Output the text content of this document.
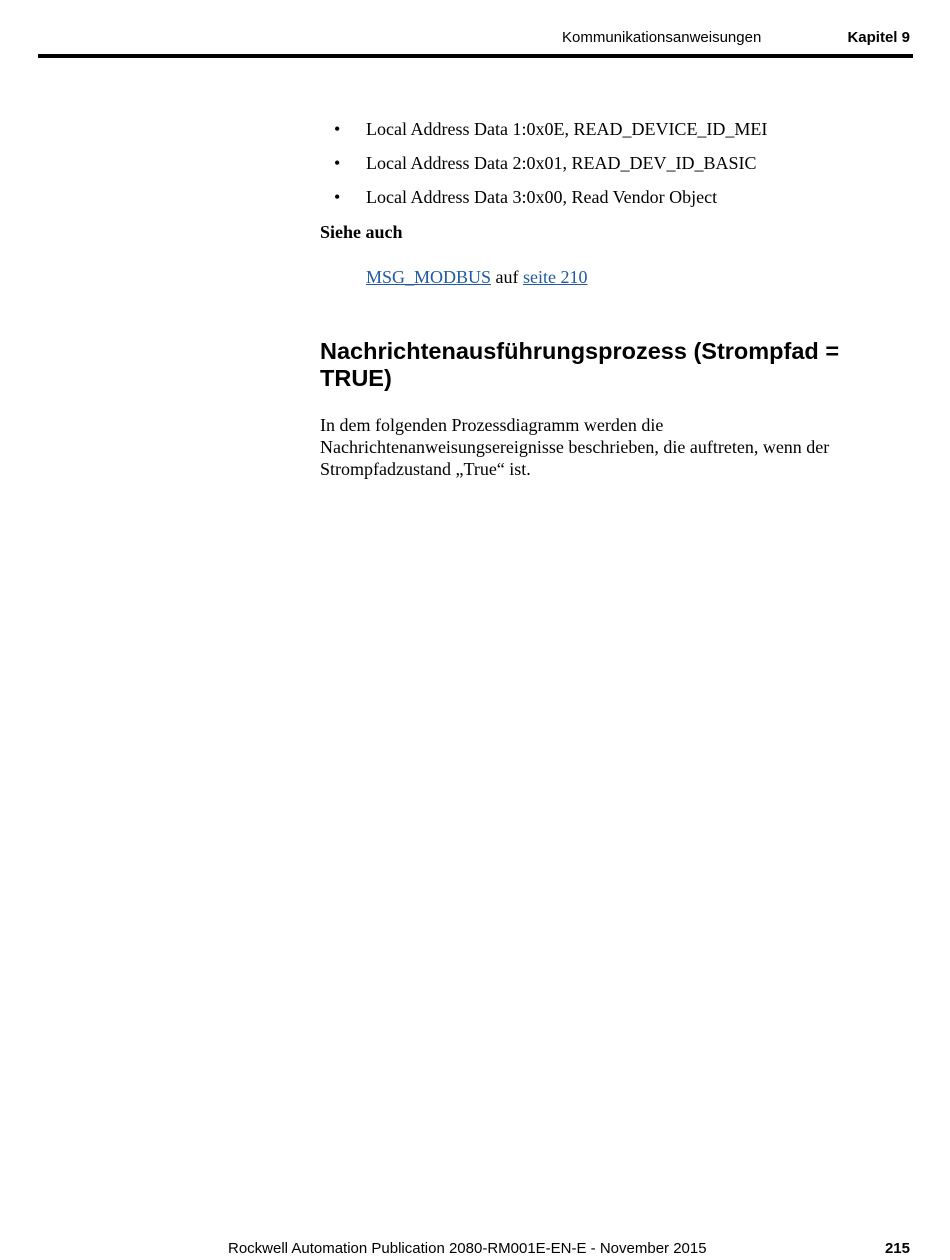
Kommunikationsanweisungen	Kapitel 9
• Local Address Data 1:0x0E, READ_DEVICE_ID_MEI
• Local Address Data 2:0x01, READ_DEV_ID_BASIC
• Local Address Data 3:0x00, Read Vendor Object
Siehe auch
MSG_MODBUS auf seite 210
Nachrichtenausführungsprozess (Strompfad = TRUE)

In dem folgenden Prozessdiagramm werden die Nachrichtenanweisungsereignisse beschrieben, die auftreten, wenn der Strompfadzustand „True“ ist.

Rockwell Automation Publication 2080-RM001E-EN-E - November 2015	215
